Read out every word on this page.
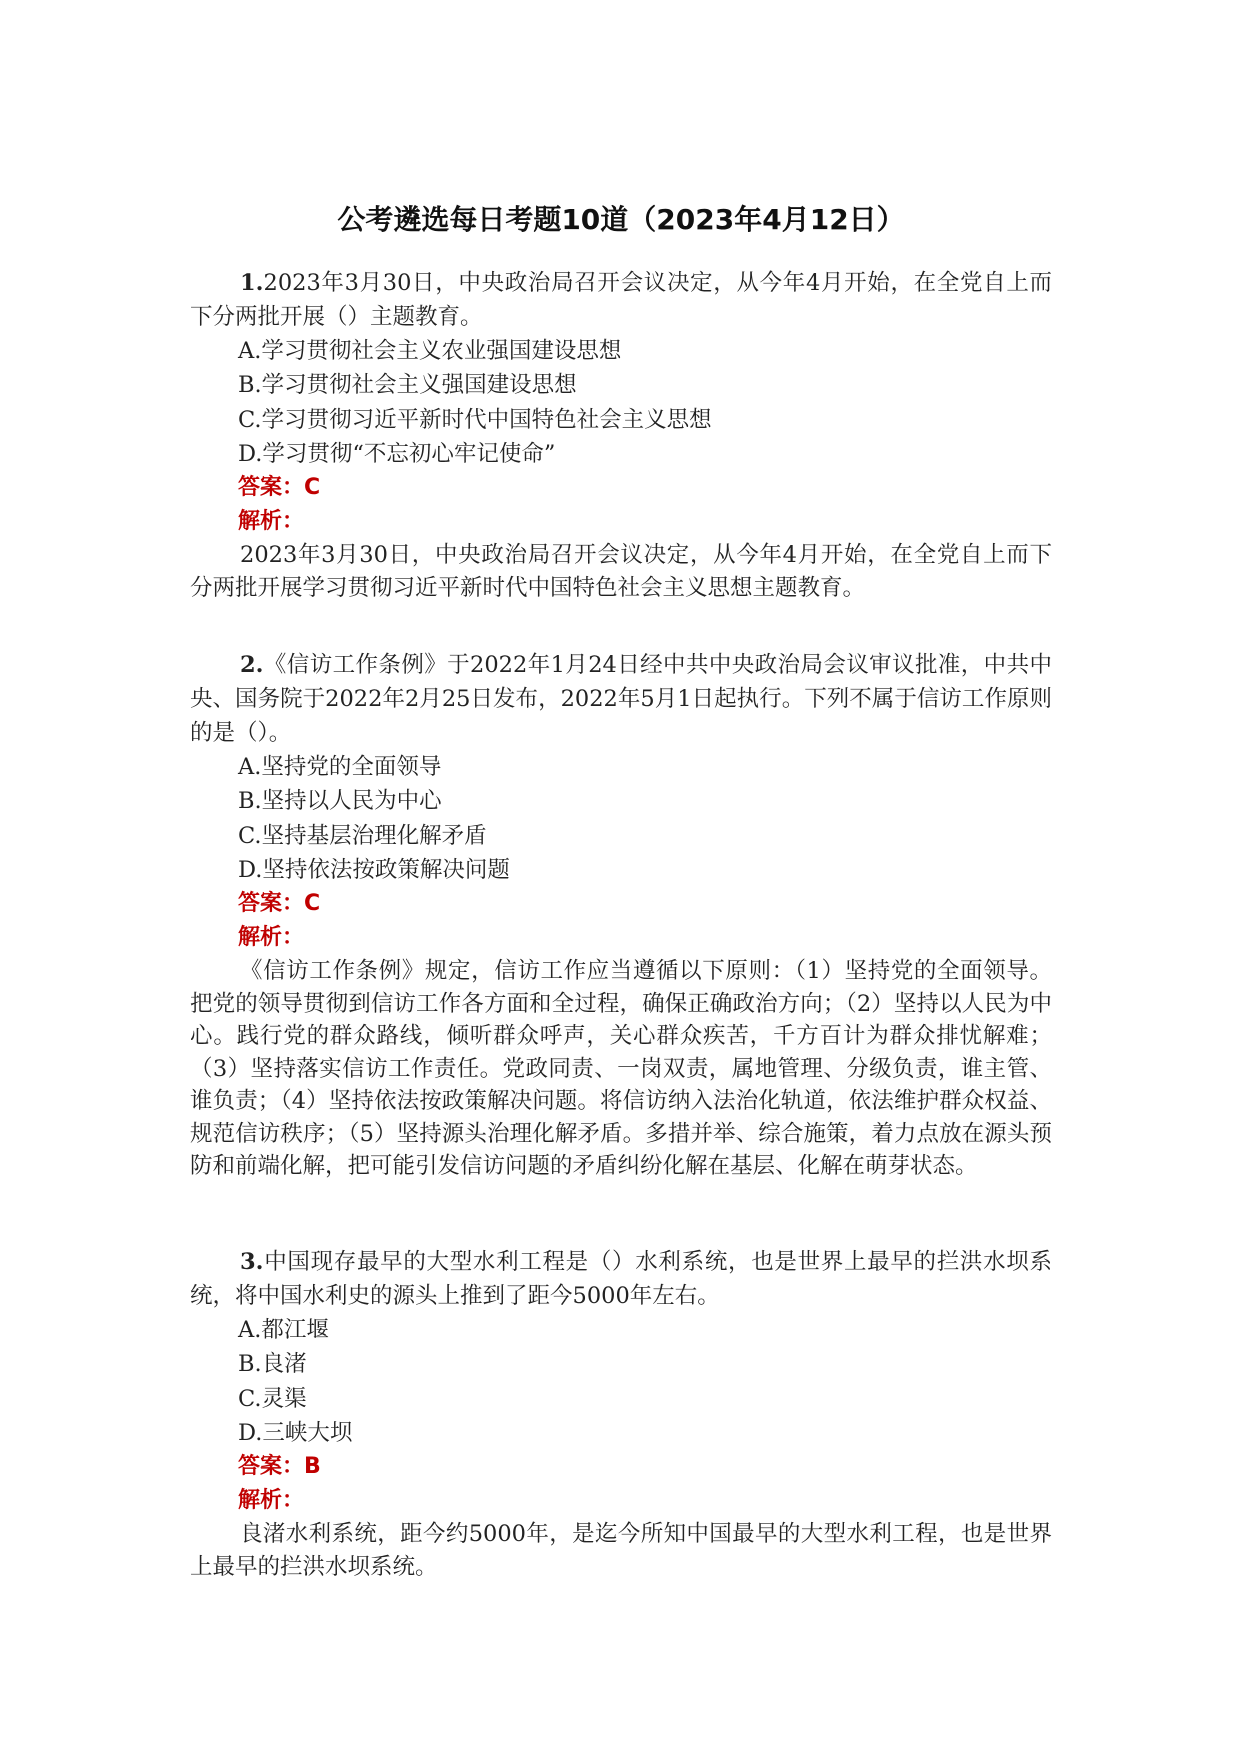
公考遴选每日考题10道（2023年4月12日）

1.2023年3月30日，中央政治局召开会议决定，从今年4月开始，在全党自上而下分两批开展（）主题教育。

A.学习贯彻社会主义农业强国建设思想

B.学习贯彻社会主义强国建设思想

C.学习贯彻习近平新时代中国特色社会主义思想

D.学习贯彻“不忘初心牢记使命”

答案：C

解析：

2023年3月30日，中央政治局召开会议决定，从今年4月开始，在全党自上而下分两批开展学习贯彻习近平新时代中国特色社会主义思想主题教育。

2.《信访工作条例》于2022年1月24日经中共中央政治局会议审议批准，中共中央、国务院于2022年2月25日发布，2022年5月1日起执行。下列不属于信访工作原则的是（）。

A.坚持党的全面领导

B.坚持以人民为中心

C.坚持基层治理化解矛盾

D.坚持依法按政策解决问题

答案：C

解析：

《信访工作条例》规定，信访工作应当遵循以下原则：（1）坚持党的全面领导。把党的领导贯彻到信访工作各方面和全过程，确保正确政治方向；（2）坚持以人民为中心。践行党的群众路线，倾听群众呼声，关心群众疾苦，千方百计为群众排忧解难；（3）坚持落实信访工作责任。党政同责、一岗双责，属地管理、分级负责，谁主管、谁负责；（4）坚持依法按政策解决问题。将信访纳入法治化轨道，依法维护群众权益、规范信访秩序；（5）坚持源头治理化解矛盾。多措并举、综合施策，着力点放在源头预防和前端化解，把可能引发信访问题的矛盾纠纷化解在基层、化解在萌芽状态。

3.中国现存最早的大型水利工程是（）水利系统，也是世界上最早的拦洪水坝系统，将中国水利史的源头上推到了距今5000年左右。

A.都江堰

B.良渚

C.灵渠

D.三峡大坝

答案：B

解析：

良渚水利系统，距今约5000年，是迄今所知中国最早的大型水利工程，也是世界上最早的拦洪水坝系统。
